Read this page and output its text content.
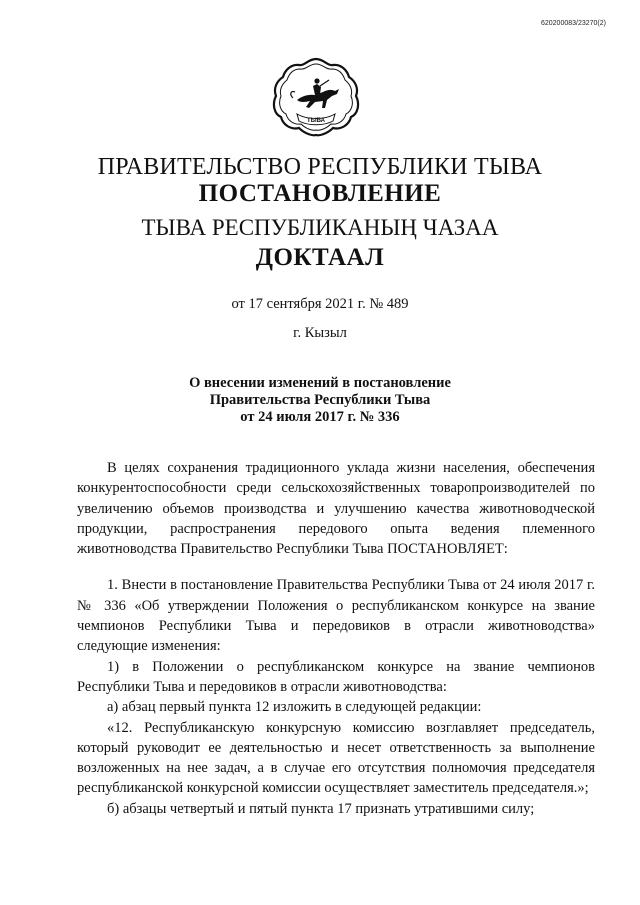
620200083/23270(2)
ТЫВА
ПРАВИТЕЛЬСТВО РЕСПУБЛИКИ ТЫВА
ПОСТАНОВЛЕНИЕ
ТЫВА РЕСПУБЛИКАНЫҢ ЧАЗАА
ДОКТААЛ
от 17 сентября 2021 г. № 489
г. Кызыл
О внесении изменений в постановление
Правительства Республики Тыва
от 24 июля 2017 г. № 336

В целях сохранения традиционного уклада жизни населения, обеспечения конкурентоспособности среди сельскохозяйственных товаропроизводителей по увеличению объемов производства и улучшению качества животноводческой продукции, распространения передового опыта ведения племенного животноводства Правительство Республики Тыва ПОСТАНОВЛЯЕТ:

1. Внести в постановление Правительства Республики Тыва от 24 июля 2017 г. № 336 «Об утверждении Положения о республиканском конкурсе на звание чемпионов Республики Тыва и передовиков в отрасли животноводства» следующие изменения:

1) в Положении о республиканском конкурсе на звание чемпионов Республики Тыва и передовиков в отрасли животноводства:

а) абзац первый пункта 12 изложить в следующей редакции:

«12. Республиканскую конкурсную комиссию возглавляет председатель, который руководит ее деятельностью и несет ответственность за выполнение возложенных на нее задач, а в случае его отсутствия полномочия председателя республиканской конкурсной комиссии осуществляет заместитель председателя.»;

б) абзацы четвертый и пятый пункта 17 признать утратившими силу;
